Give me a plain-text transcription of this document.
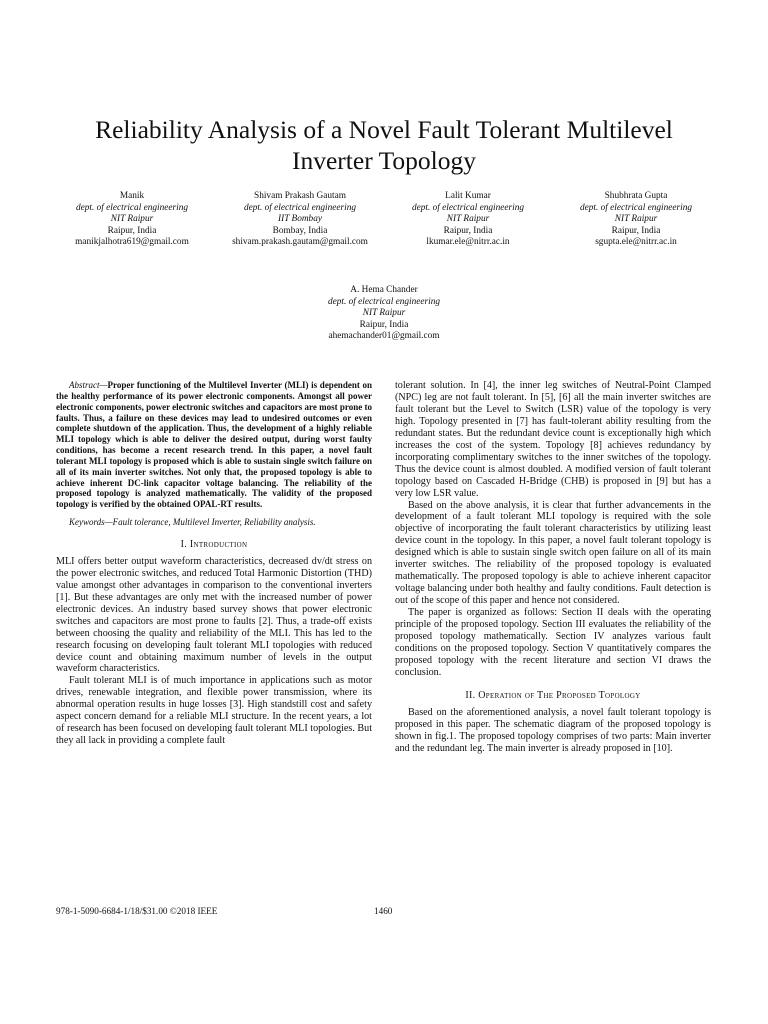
Reliability Analysis of a Novel Fault Tolerant Multilevel Inverter Topology
Manik
dept. of electrical engineering
NIT Raipur
Raipur, India
manikjalhotra619@gmail.com
Shivam Prakash Gautam
dept. of electrical engineering
IIT Bombay
Bombay, India
shivam.prakash.gautam@gmail.com
Lalit Kumar
dept. of electrical engineering
NIT Raipur
Raipur, India
lkumar.ele@nitrr.ac.in
Shubhrata Gupta
dept. of electrical engineering
NIT Raipur
Raipur, India
sgupta.ele@nitrr.ac.in
A. Hema Chander
dept. of electrical engineering
NIT Raipur
Raipur, India
ahemachander01@gmail.com

Abstract—Proper functioning of the Multilevel Inverter (MLI) is dependent on the healthy performance of its power electronic components. Amongst all power electronic components, power electronic switches and capacitors are most prone to faults. Thus, a failure on these devices may lead to undesired outcomes or even complete shutdown of the application. Thus, the development of a highly reliable MLI topology which is able to deliver the desired output, during worst faulty conditions, has become a recent research trend. In this paper, a novel fault tolerant MLI topology is proposed which is able to sustain single switch failure on all of its main inverter switches. Not only that, the proposed topology is able to achieve inherent DC-link capacitor voltage balancing. The reliability of the proposed topology is analyzed mathematically. The validity of the proposed topology is verified by the obtained OPAL-RT results.

Keywords—Fault tolerance, Multilevel Inverter, Reliability analysis.

I. Introduction

MLI offers better output waveform characteristics, decreased dv/dt stress on the power electronic switches, and reduced Total Harmonic Distortion (THD) value amongst other advantages in comparison to the conventional inverters [1]. But these advantages are only met with the increased number of power electronic devices. An industry based survey shows that power electronic switches and capacitors are most prone to faults [2]. Thus, a trade-off exists between choosing the quality and reliability of the MLI. This has led to the research focusing on developing fault tolerant MLI topologies with reduced device count and obtaining maximum number of levels in the output waveform characteristics.

Fault tolerant MLI is of much importance in applications such as motor drives, renewable integration, and flexible power transmission, where its abnormal operation results in huge losses [3]. High standstill cost and safety aspect concern demand for a reliable MLI structure. In the recent years, a lot of research has been focused on developing fault tolerant MLI topologies. But they all lack in providing a complete fault

tolerant solution. In [4], the inner leg switches of Neutral-Point Clamped (NPC) leg are not fault tolerant. In [5], [6] all the main inverter switches are fault tolerant but the Level to Switch (LSR) value of the topology is very high. Topology presented in [7] has fault-tolerant ability resulting from the redundant states. But the redundant device count is exceptionally high which increases the cost of the system. Topology [8] achieves redundancy by incorporating complimentary switches to the inner switches of the topology. Thus the device count is almost doubled. A modified version of fault tolerant topology based on Cascaded H-Bridge (CHB) is proposed in [9] but has a very low LSR value.

Based on the above analysis, it is clear that further advancements in the development of a fault tolerant MLI topology is required with the sole objective of incorporating the fault tolerant characteristics by utilizing least device count in the topology. In this paper, a novel fault tolerant topology is designed which is able to sustain single switch open failure on all of its main inverter switches. The reliability of the proposed topology is evaluated mathematically. The proposed topology is able to achieve inherent capacitor voltage balancing under both healthy and faulty conditions. Fault detection is out of the scope of this paper and hence not considered.

The paper is organized as follows: Section II deals with the operating principle of the proposed topology. Section III evaluates the reliability of the proposed topology mathematically. Section IV analyzes various fault conditions on the proposed topology. Section V quantitatively compares the proposed topology with the recent literature and section VI draws the conclusion.

II. Operation of The Proposed Topology

Based on the aforementioned analysis, a novel fault tolerant topology is proposed in this paper. The schematic diagram of the proposed topology is shown in fig.1. The proposed topology comprises of two parts: Main inverter and the redundant leg. The main inverter is already proposed in [10].

978-1-5090-6684-1/18/$31.00 ©2018 IEEE	1460
